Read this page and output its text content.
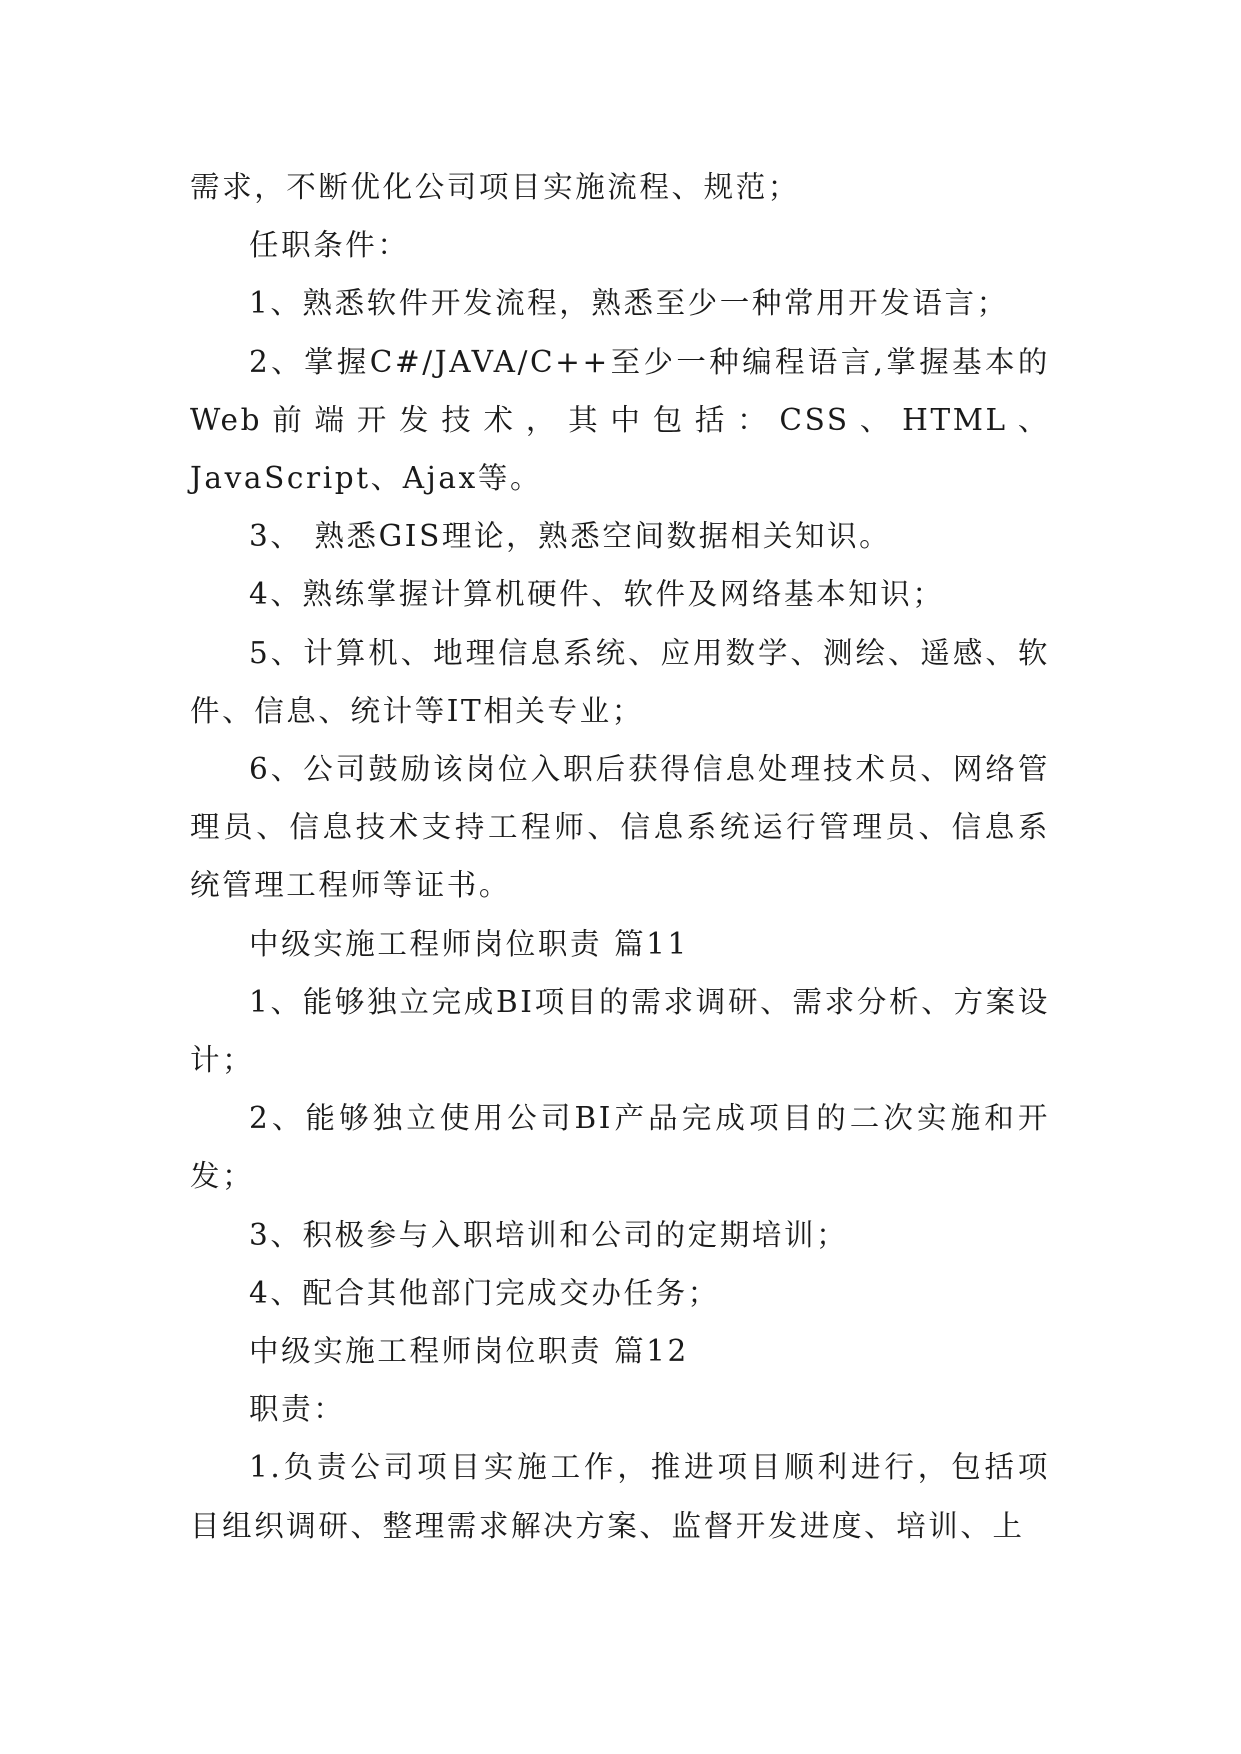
需求，不断优化公司项目实施流程、规范；

任职条件：

1、熟悉软件开发流程，熟悉至少一种常用开发语言；

2、掌握C#/JAVA/C++至少一种编程语言,掌握基本的Web前端开发技术，其中包括：CSS、HTML、JavaScript、Ajax等。

3、 熟悉GIS理论，熟悉空间数据相关知识。

4、熟练掌握计算机硬件、软件及网络基本知识；

5、计算机、地理信息系统、应用数学、测绘、遥感、软件、信息、统计等IT相关专业；

6、公司鼓励该岗位入职后获得信息处理技术员、网络管理员、信息技术支持工程师、信息系统运行管理员、信息系统管理工程师等证书。

中级实施工程师岗位职责 篇11

1、能够独立完成BI项目的需求调研、需求分析、方案设计；

2、能够独立使用公司BI产品完成项目的二次实施和开发；

3、积极参与入职培训和公司的定期培训；

4、配合其他部门完成交办任务；

中级实施工程师岗位职责 篇12

职责：

1.负责公司项目实施工作，推进项目顺利进行，包括项目组织调研、整理需求解决方案、监督开发进度、培训、上
